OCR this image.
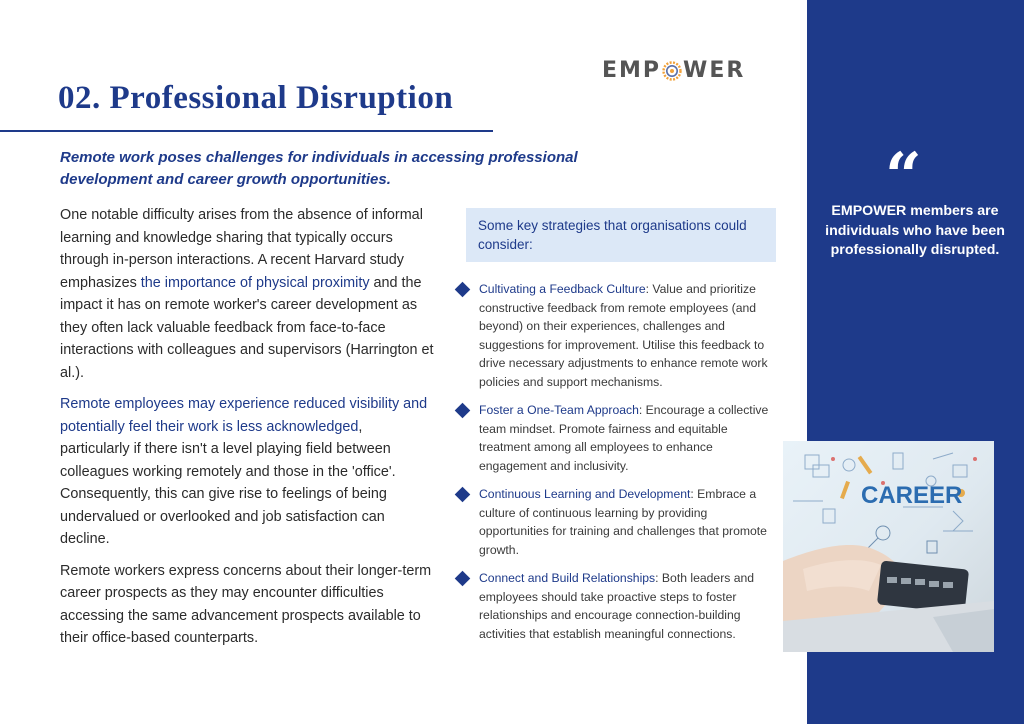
EMP WER
02. Professional Disruption
Remote work poses challenges for individuals in accessing professional development and career growth opportunities.

One notable difficulty arises from the absence of informal learning and knowledge sharing that typically occurs through in-person interactions. A recent Harvard study emphasizes the importance of physical proximity and the impact it has on remote worker's career development as they often lack valuable feedback from face-to-face interactions with colleagues and supervisors (Harrington et al.).

Remote employees may experience reduced visibility and potentially feel their work is less acknowledged, particularly if there isn't a level playing field between colleagues working remotely and those in the 'office'. Consequently, this can give rise to feelings of being undervalued or overlooked and job satisfaction can decline.

Remote workers express concerns about their longer-term career prospects as they may encounter difficulties accessing the same advancement prospects available to their office-based counterparts.

Some key strategies that organisations could consider:
Cultivating a Feedback Culture: Value and prioritize constructive feedback from remote employees (and beyond) on their experiences, challenges and suggestions for improvement. Utilise this feedback to drive necessary adjustments to enhance remote work policies and support mechanisms.
Foster a One-Team Approach: Encourage a collective team mindset. Promote fairness and equitable treatment among all employees to enhance engagement and inclusivity.
Continuous Learning and Development: Embrace a culture of continuous learning by providing opportunities for training and challenges that promote growth.
Connect and Build Relationships: Both leaders and employees should take proactive steps to foster relationships and encourage connection-building activities that establish meaningful connections.
“
EMPOWER members are individuals who have been professionally disrupted.
CAREER
